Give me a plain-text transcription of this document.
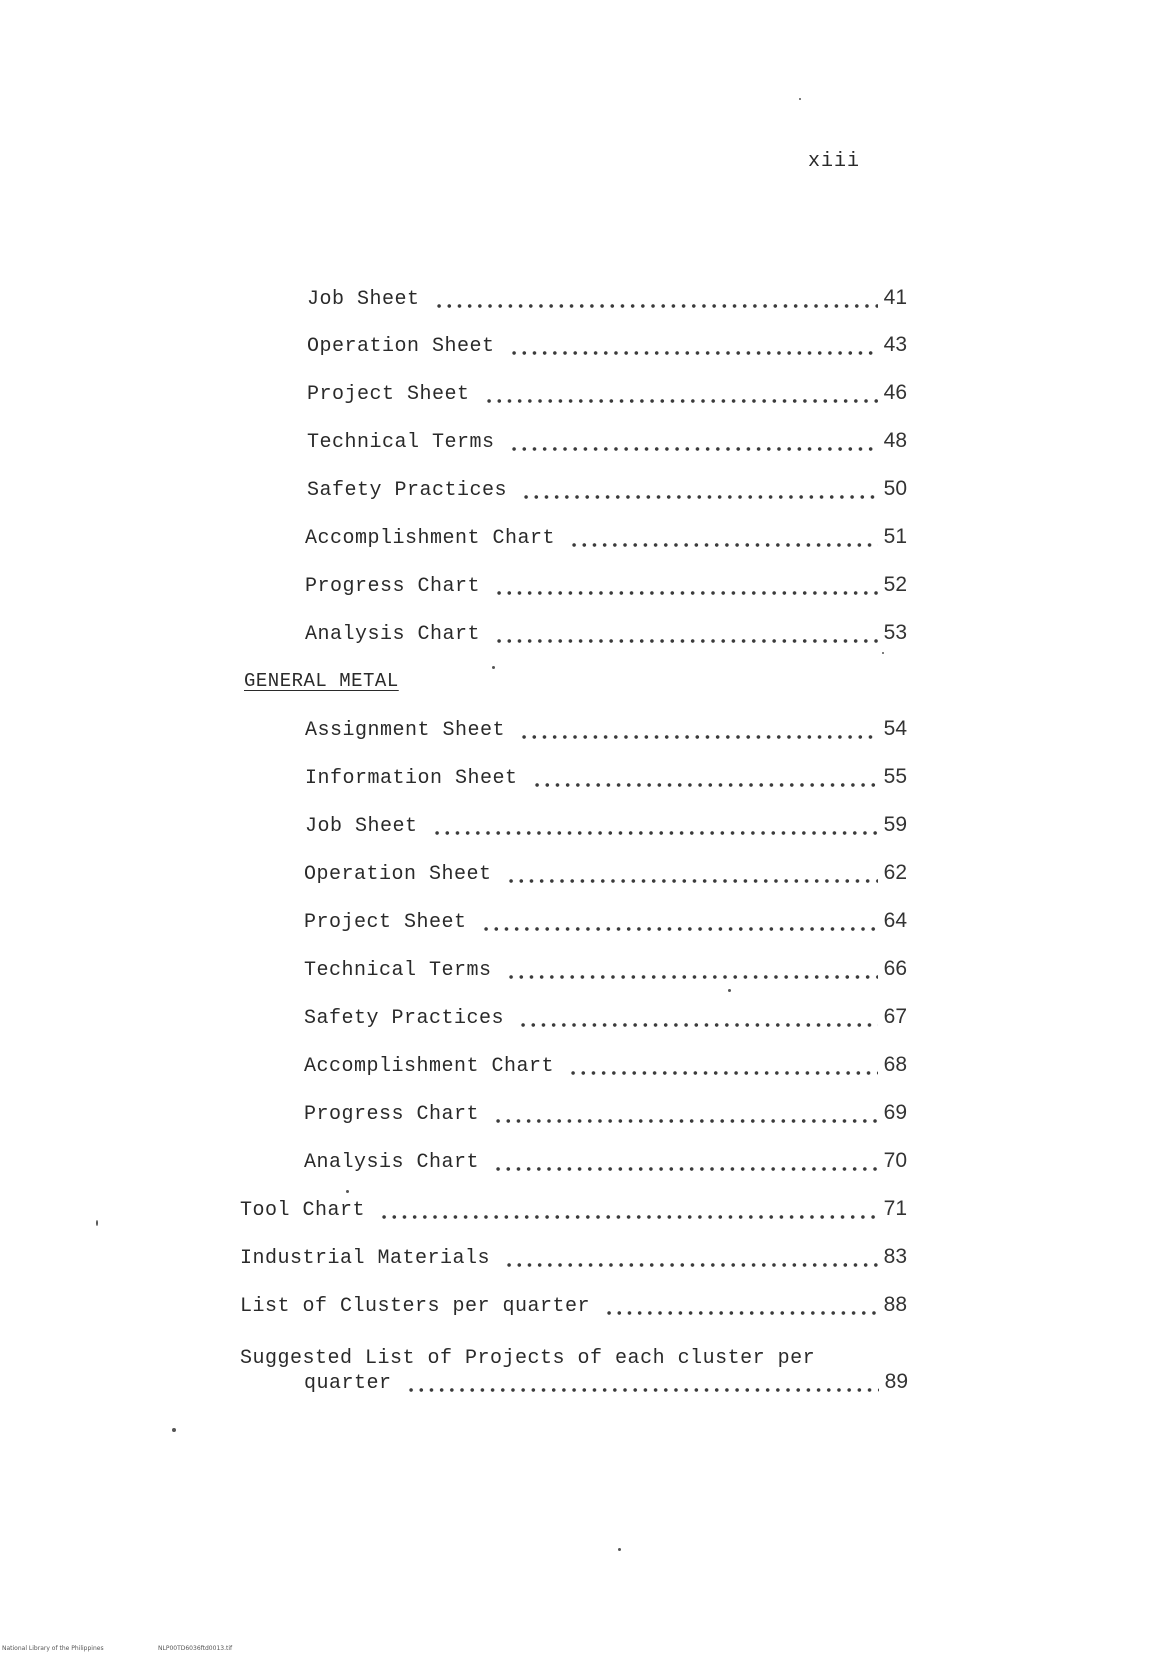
xiii
Job Sheet	41
Operation Sheet	43
Project Sheet	46
Technical Terms	48
Safety Practices	50
Accomplishment Chart	51
Progress Chart	52
Analysis Chart	53
GENERAL METAL
Assignment Sheet	54
Information Sheet	55
Job Sheet	59
Operation Sheet	62
Project Sheet	64
Technical Terms	66
Safety Practices	67
Accomplishment Chart	68
Progress Chart	69
Analysis Chart	70
Tool Chart	71
Industrial Materials	83
List of Clusters per quarter	88
Suggested List of Projects of each cluster per
quarter	89
National Library of the Philippines	NLP00TD6036ftd0013.tif
